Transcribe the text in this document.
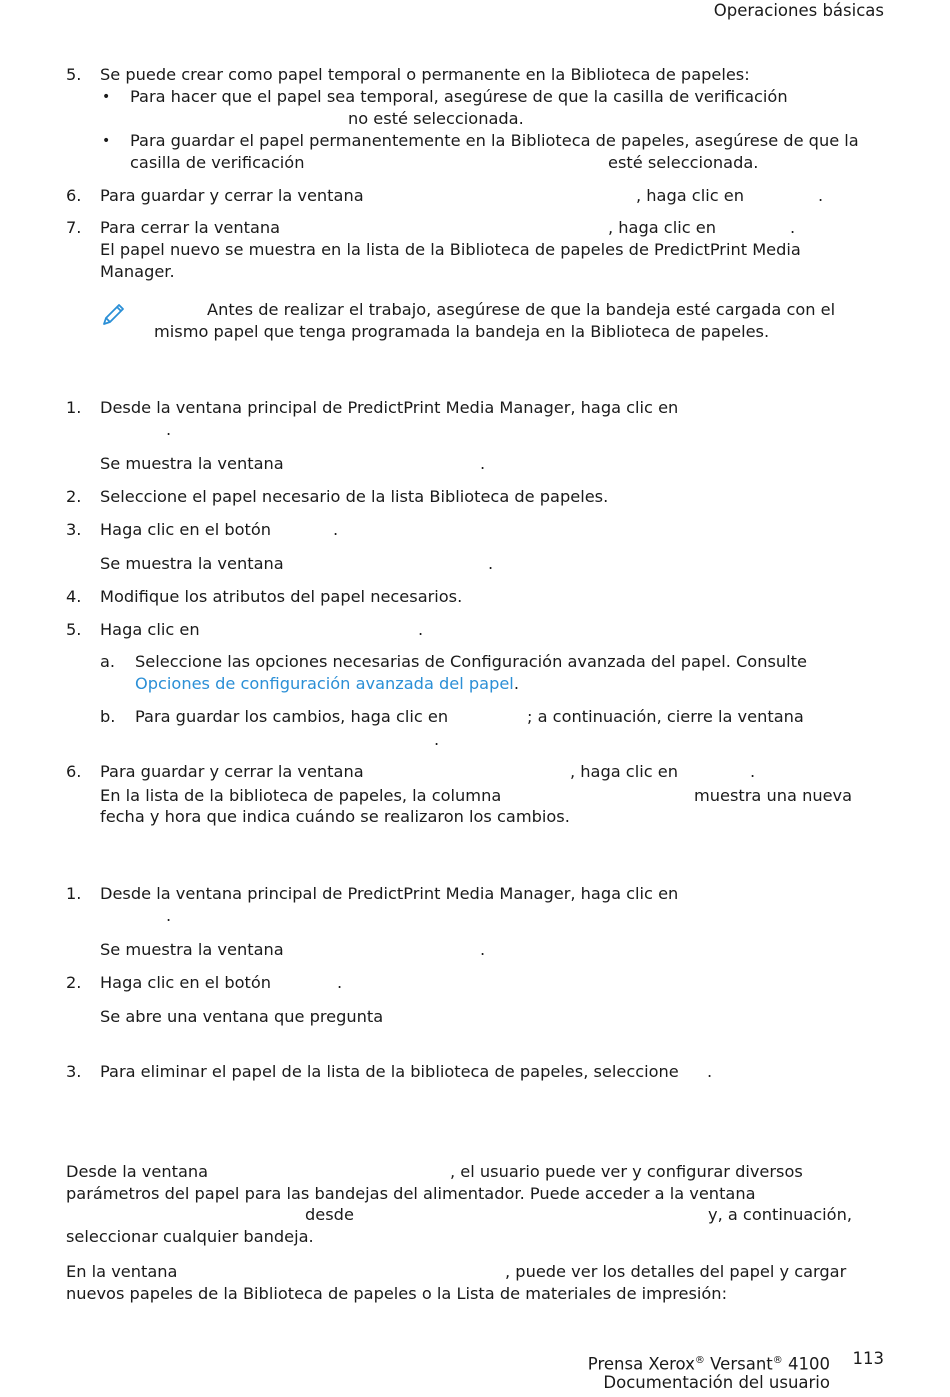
Operaciones básicas
5.	Se puede crear como papel temporal o permanente en la Biblioteca de papeles:
• Para hacer que el papel sea temporal, asegúrese de que la casilla de verificación
no esté seleccionada.
• Para guardar el papel permanentemente en la Biblioteca de papeles, asegúrese de que la
casilla de verificación	esté seleccionada.
6.	Para guardar y cerrar la ventana	, haga clic en	.
7.	Para cerrar la ventana	, haga clic en	.
El papel nuevo se muestra en la lista de la Biblioteca de papeles de PredictPrint Media
Manager.
Antes de realizar el trabajo, asegúrese de que la bandeja esté cargada con el
mismo papel que tenga programada la bandeja en la Biblioteca de papeles.
1.	Desde la ventana principal de PredictPrint Media Manager, haga clic en
.
Se muestra la ventana	.
2.	Seleccione el papel necesario de la lista Biblioteca de papeles.
3.	Haga clic en el botón	.
Se muestra la ventana	.
4.	Modifique los atributos del papel necesarios.
5.	Haga clic en	.
a.	Seleccione las opciones necesarias de Configuración avanzada del papel. Consulte
Opciones de configuración avanzada del papel.
b.	Para guardar los cambios, haga clic en	; a continuación, cierre la ventana
.
6.	Para guardar y cerrar la ventana	, haga clic en	.
En la lista de la biblioteca de papeles, la columna	muestra una nueva
fecha y hora que indica cuándo se realizaron los cambios.
1.	Desde la ventana principal de PredictPrint Media Manager, haga clic en
.
Se muestra la ventana	.
2.	Haga clic en el botón	.
Se abre una ventana que pregunta
3.	Para eliminar el papel de la lista de la biblioteca de papeles, seleccione .
Desde la ventana	, el usuario puede ver y configurar diversos
parámetros del papel para las bandejas del alimentador. Puede acceder a la ventana
desde	y, a continuación,
seleccionar cualquier bandeja.
En la ventana	, puede ver los detalles del papel y cargar
nuevos papeles de la Biblioteca de papeles o la Lista de materiales de impresión:
Prensa Xerox® Versant® 4100
Documentación del usuario
113
